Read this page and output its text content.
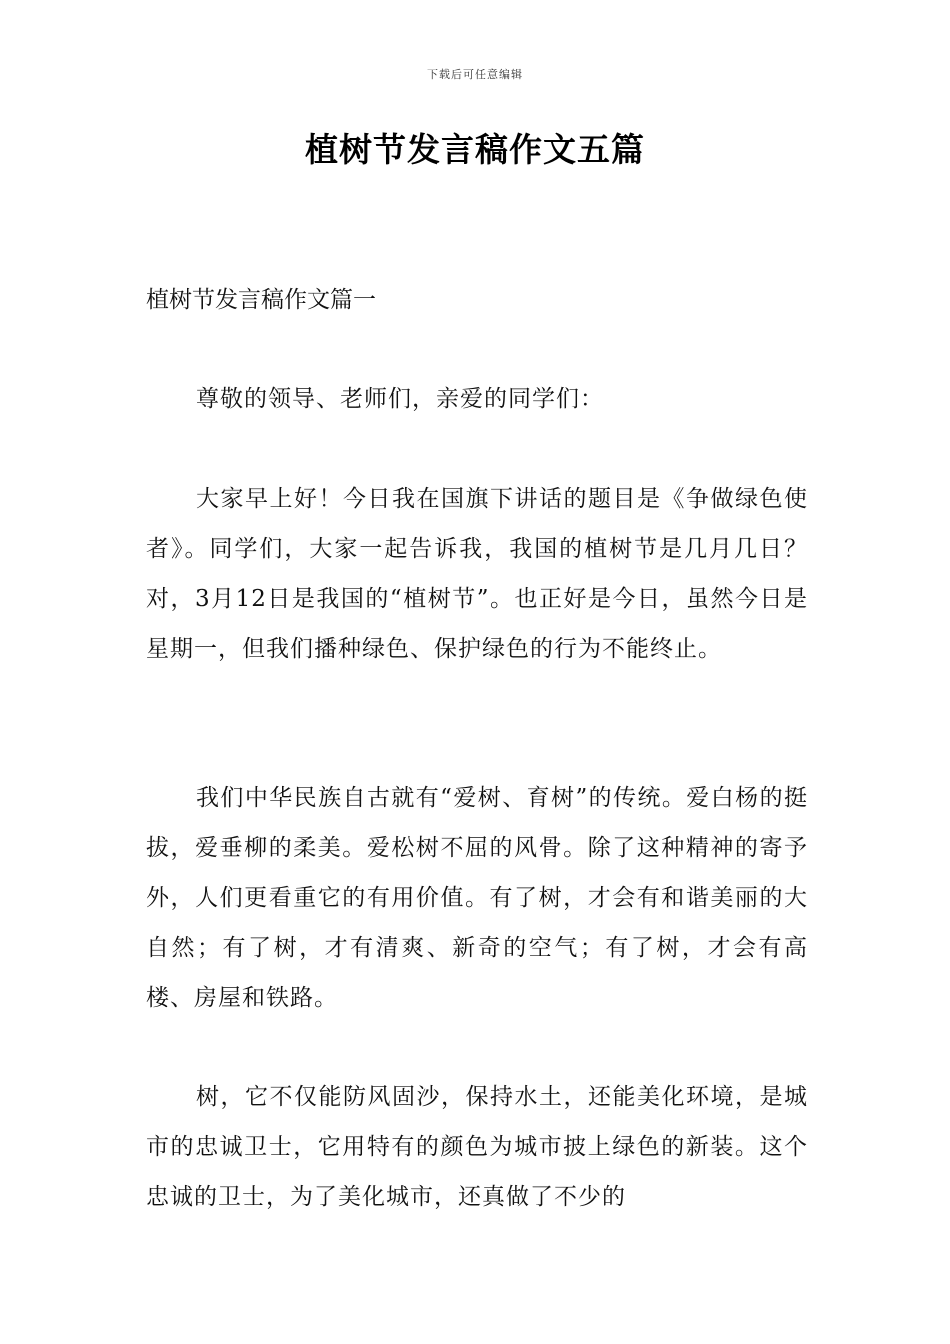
下载后可任意编辑
植树节发言稿作文五篇
植树节发言稿作文篇一

尊敬的领导、老师们，亲爱的同学们：

大家早上好！今日我在国旗下讲话的题目是《争做绿色使者》。同学们，大家一起告诉我，我国的植树节是几月几日？对，3月12日是我国的“植树节”。也正好是今日，虽然今日是星期一，但我们播种绿色、保护绿色的行为不能终止。

我们中华民族自古就有“爱树、育树”的传统。爱白杨的挺拔，爱垂柳的柔美。爱松树不屈的风骨。除了这种精神的寄予外，人们更看重它的有用价值。有了树，才会有和谐美丽的大自然；有了树，才有清爽、新奇的空气；有了树，才会有高楼、房屋和铁路。

树，它不仅能防风固沙，保持水土，还能美化环境，是城市的忠诚卫士，它用特有的颜色为城市披上绿色的新装。这个忠诚的卫士，为了美化城市，还真做了不少的
